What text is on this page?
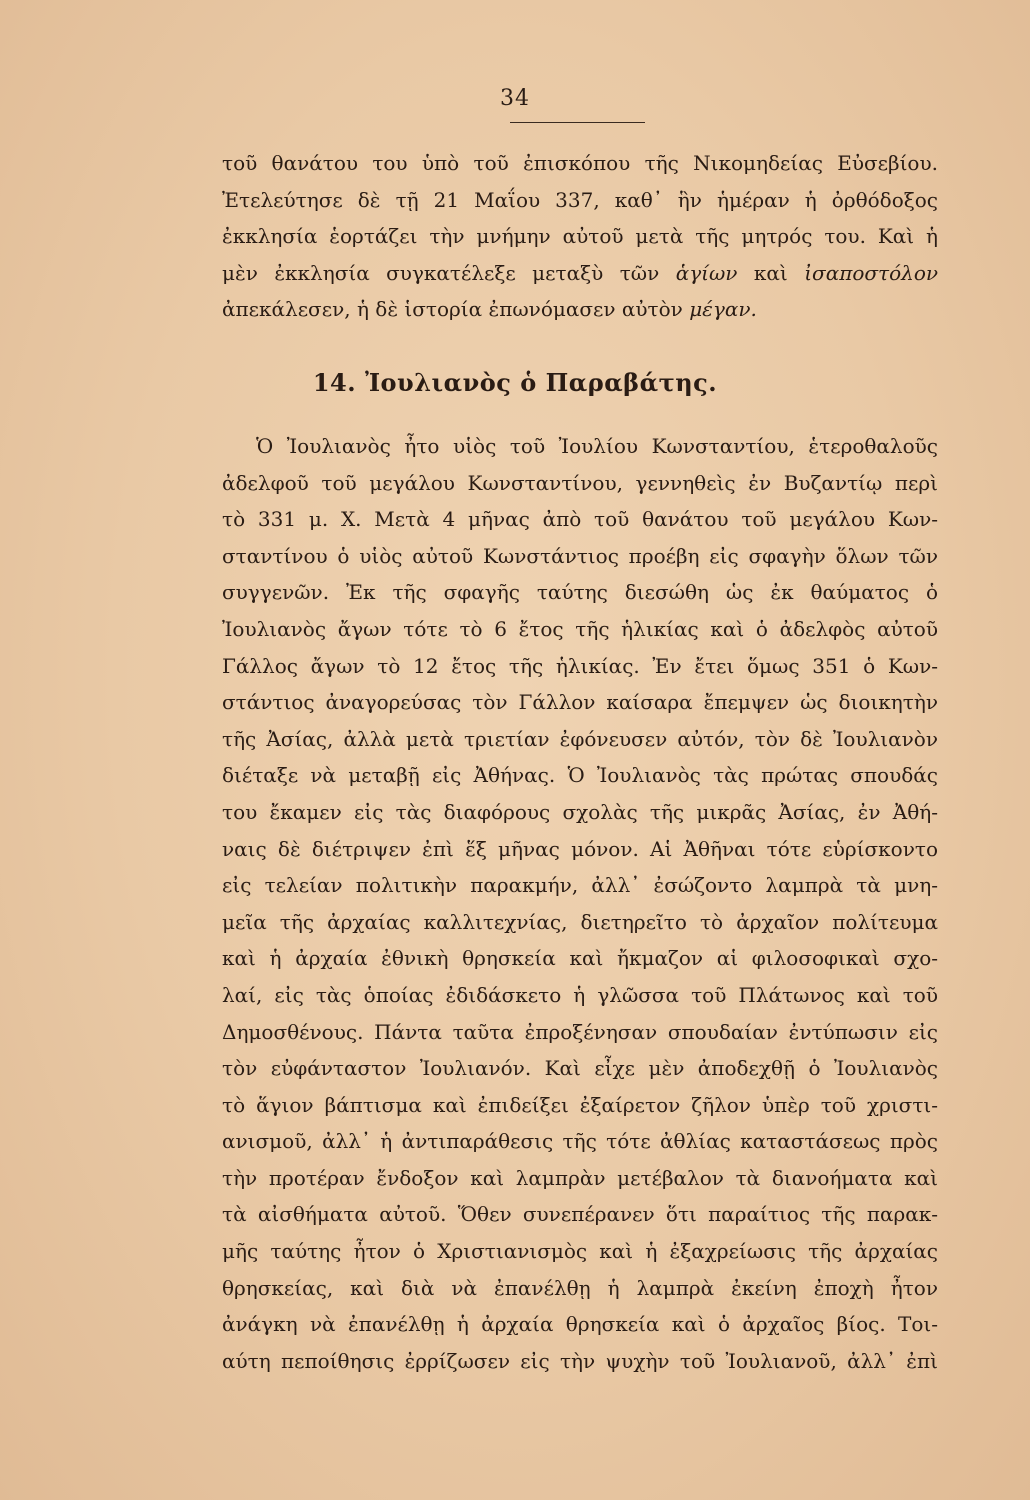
34
τοῦ θανάτου του ὑπὸ τοῦ ἐπισκόπου τῆς Νικομηδείας Εὐσεβίου.
Ἐτελεύτησε δὲ τῇ 21 Μαΐου 337, καθ᾽ ἣν ἡμέραν ἡ ὀρθόδοξος
ἐκκλησία ἑορτάζει τὴν μνήμην αὐτοῦ μετὰ τῆς μητρός του. Καὶ ἡ
μὲν ἐκκλησία συγκατέλεξε μεταξὺ τῶν ἁγίων καὶ ἰσαποστόλον
ἀπεκάλεσεν, ἡ δὲ ἱστορία ἐπωνόμασεν αὐτὸν μέγαν.
14. Ἰουλιανὸς ὁ Παραβάτης.
Ὁ Ἰουλιανὸς ἦτο υἱὸς τοῦ Ἰουλίου Κωνσταντίου, ἑτεροθαλοῦς
ἀδελφοῦ τοῦ μεγάλου Κωνσταντίνου, γεννηθεὶς ἐν Βυζαντίῳ περὶ
τὸ 331 μ. Χ. Μετὰ 4 μῆνας ἀπὸ τοῦ θανάτου τοῦ μεγάλου Κων-
σταντίνου ὁ υἱὸς αὐτοῦ Κωνστάντιος προέβη εἰς σφαγὴν ὅλων τῶν
συγγενῶν. Ἐκ τῆς σφαγῆς ταύτης διεσώθη ὡς ἐκ θαύματος ὁ
Ἰουλιανὸς ἄγων τότε τὸ 6 ἔτος τῆς ἡλικίας καὶ ὁ ἀδελφὸς αὐτοῦ
Γάλλος ἄγων τὸ 12 ἔτος τῆς ἡλικίας. Ἐν ἔτει ὅμως 351 ὁ Κων-
στάντιος ἀναγορεύσας τὸν Γάλλον καίσαρα ἔπεμψεν ὡς διοικητὴν
τῆς Ἀσίας, ἀλλὰ μετὰ τριετίαν ἐφόνευσεν αὐτόν, τὸν δὲ Ἰουλιανὸν
διέταξε νὰ μεταβῇ εἰς Ἀθήνας. Ὁ Ἰουλιανὸς τὰς πρώτας σπουδάς
του ἔκαμεν εἰς τὰς διαφόρους σχολὰς τῆς μικρᾶς Ἀσίας, ἐν Ἀθή-
ναις δὲ διέτριψεν ἐπὶ ἕξ μῆνας μόνον. Αἱ Ἀθῆναι τότε εὑρίσκοντο
εἰς τελείαν πολιτικὴν παρακμήν, ἀλλ᾽ ἐσώζοντο λαμπρὰ τὰ μνη-
μεῖα τῆς ἀρχαίας καλλιτεχνίας, διετηρεῖτο τὸ ἀρχαῖον πολίτευμα
καὶ ἡ ἀρχαία ἐθνικὴ θρησκεία καὶ ἤκμαζον αἱ φιλοσοφικαὶ σχο-
λαί, εἰς τὰς ὁποίας ἐδιδάσκετο ἡ γλῶσσα τοῦ Πλάτωνος καὶ τοῦ
Δημοσθένους. Πάντα ταῦτα ἐπροξένησαν σπουδαίαν ἐντύπωσιν εἰς
τὸν εὐφάνταστον Ἰουλιανόν. Καὶ εἶχε μὲν ἀποδεχθῇ ὁ Ἰουλιανὸς
τὸ ἅγιον βάπτισμα καὶ ἐπιδείξει ἐξαίρετον ζῆλον ὑπὲρ τοῦ χριστι-
ανισμοῦ, ἀλλ᾽ ἡ ἀντιπαράθεσις τῆς τότε ἀθλίας καταστάσεως πρὸς
τὴν προτέραν ἔνδοξον καὶ λαμπρὰν μετέβαλον τὰ διανοήματα καὶ
τὰ αἰσθήματα αὐτοῦ. Ὅθεν συνεπέρανεν ὅτι παραίτιος τῆς παρακ-
μῆς ταύτης ἦτον ὁ Χριστιανισμὸς καὶ ἡ ἐξαχρείωσις τῆς ἀρχαίας
θρησκείας, καὶ διὰ νὰ ἐπανέλθῃ ἡ λαμπρὰ ἐκείνη ἐποχὴ ἦτον
ἀνάγκη νὰ ἐπανέλθῃ ἡ ἀρχαία θρησκεία καὶ ὁ ἀρχαῖος βίος. Τοι-
αύτη πεποίθησις ἐρρίζωσεν εἰς τὴν ψυχὴν τοῦ Ἰουλιανοῦ, ἀλλ᾽ ἐπὶ
